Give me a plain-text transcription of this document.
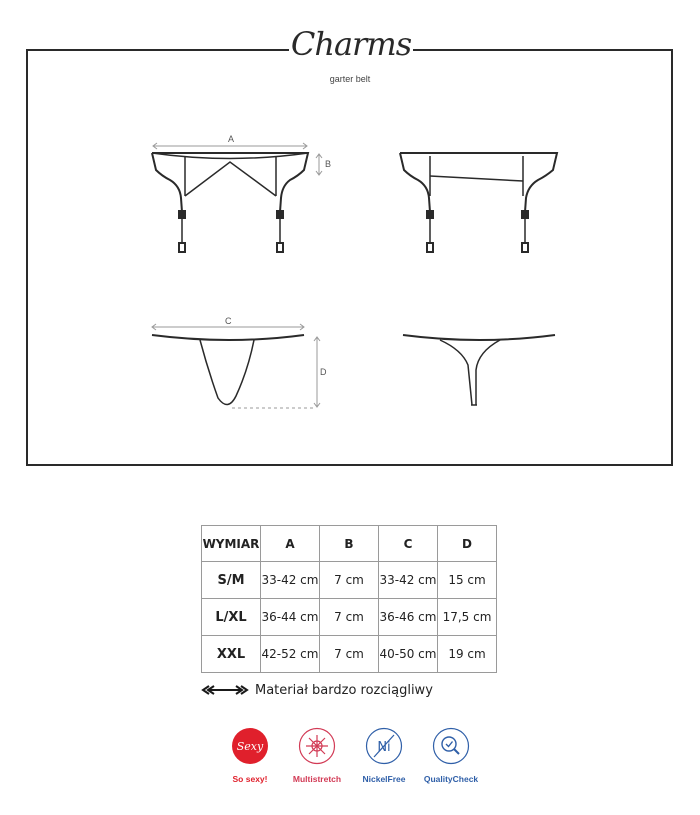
Charms
garter belt
A
B
C
D
WYMIAR	A	B	C	D
S/M	33-42 cm	7 cm	33-42 cm	15 cm
L/XL	36-44 cm	7 cm	36-46 cm	17,5 cm
XXL	42-52 cm	7 cm	40-50 cm	19 cm
Materiał bardzo rozciągliwy
Sexy
So sexy!	Multistretch
Ni
NickelFree	QualityCheck
